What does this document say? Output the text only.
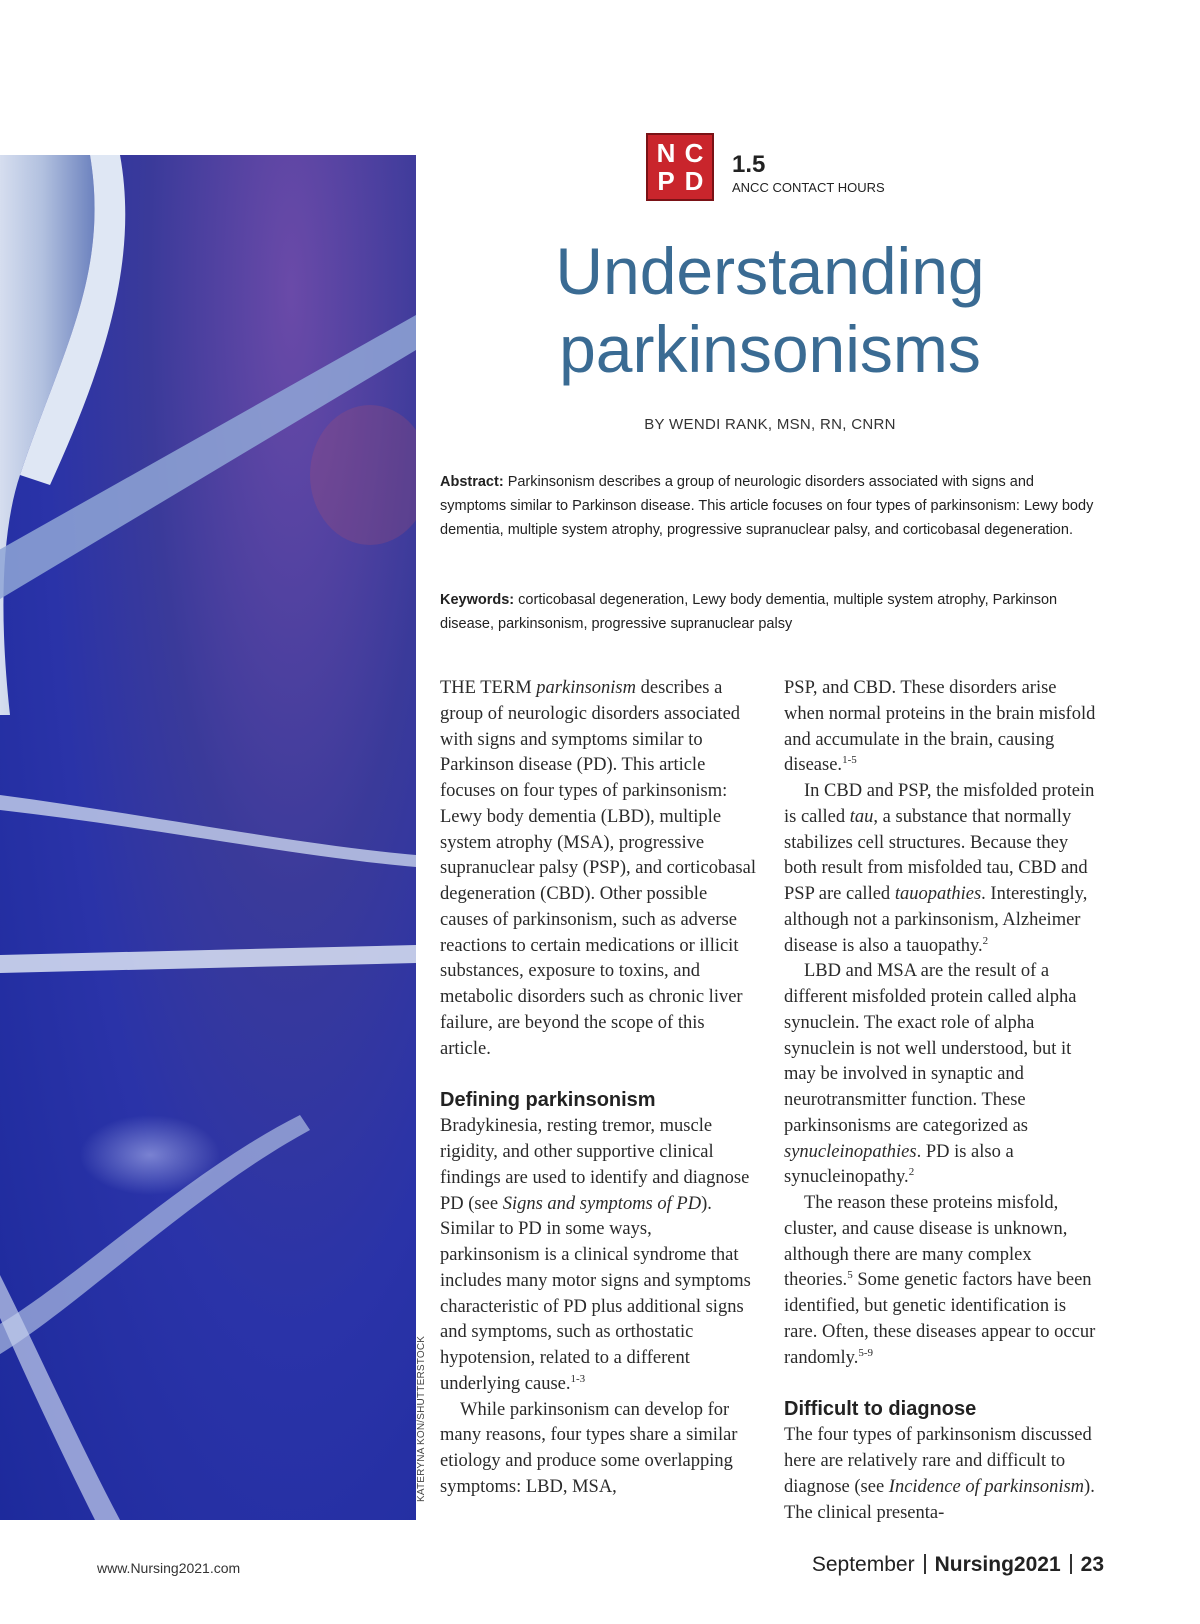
KATERYNA KON/SHUTTERSTOCK
N C
P D
1.5
ANCC CONTACT HOURS
Understanding
parkinsonisms
BY WENDI RANK, MSN, RN, CNRN

Abstract: Parkinsonism describes a group of neurologic disorders associated with signs and symptoms similar to Parkinson disease. This article focuses on four types of parkinsonism: Lewy body dementia, multiple system atrophy, progressive supranuclear palsy, and corticobasal degeneration.

Keywords: corticobasal degeneration, Lewy body dementia, multiple system atrophy, Parkinson disease, parkinsonism, progressive supranuclear palsy

THE TERM parkinsonism describes a group of neurologic disorders associated with signs and symptoms similar to Parkinson disease (PD). This article focuses on four types of parkinsonism: Lewy body dementia (LBD), multiple system atrophy (MSA), progressive supranuclear palsy (PSP), and corticobasal degeneration (CBD). Other possible causes of parkinsonism, such as adverse reactions to certain medications or illicit substances, exposure to toxins, and metabolic disorders such as chronic liver failure, are beyond the scope of this article.

Defining parkinsonism

Bradykinesia, resting tremor, muscle rigidity, and other supportive clinical findings are used to identify and diagnose PD (see Signs and symptoms of PD). Similar to PD in some ways, parkinsonism is a clinical syndrome that includes many motor signs and symptoms characteristic of PD plus additional signs and symptoms, such as orthostatic hypotension, related to a different underlying cause.$^{1-3}$

While parkinsonism can develop for many reasons, four types share a similar etiology and produce some overlapping symptoms: LBD, MSA,

PSP, and CBD. These disorders arise when normal proteins in the brain misfold and accumulate in the brain, causing disease.$^{1-5}$

In CBD and PSP, the misfolded protein is called tau, a substance that normally stabilizes cell structures. Because they both result from misfolded tau, CBD and PSP are called tauopathies. Interestingly, although not a parkinsonism, Alzheimer disease is also a tauopathy.$^2$

LBD and MSA are the result of a different misfolded protein called alpha synuclein. The exact role of alpha synuclein is not well understood, but it may be involved in synaptic and neurotransmitter function. These parkinsonisms are categorized as synucleinopathies. PD is also a synucleinopathy.$^2$

The reason these proteins misfold, cluster, and cause disease is unknown, although there are many complex theories.$^5$ Some genetic factors have been identified, but genetic identification is rare. Often, these diseases appear to occur randomly.$^{5-9}$

Difficult to diagnose

The four types of parkinsonism discussed here are relatively rare and difficult to diagnose (see Incidence of parkinsonism). The clinical presenta-

www.Nursing2021.com	September Nursing2021 23
